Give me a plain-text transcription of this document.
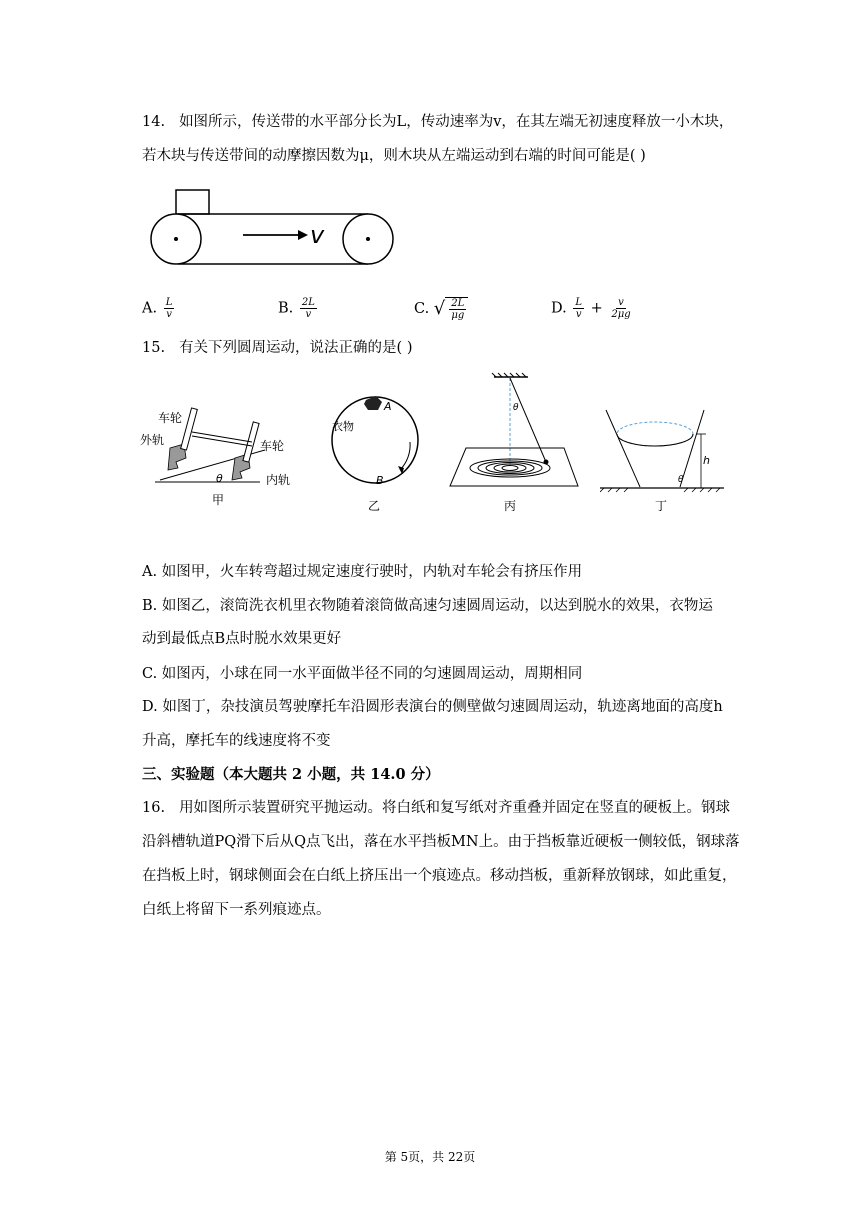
14. 如图所示，传送带的水平部分长为L，传动速率为v，在其左端无初速度释放一小木块，
若木块与传送带间的动摩擦因数为μ，则木块从左端运动到右端的时间可能是( )
v
A. $\frac{L}{v}$	B. $\frac{2L}{v}$	C. √ $\frac{2L}{\mu g}$	D. $\frac{L}{v} + \frac{v}{2\mu g}$
15. 有关下列圆周运动，说法正确的是( )
车轮
外轨	车轮
内轨
θ
甲
A
衣物
B
乙
θ
丙
h
θ
丁
A. 如图甲，火车转弯超过规定速度行驶时，内轨对车轮会有挤压作用
B. 如图乙，滚筒洗衣机里衣物随着滚筒做高速匀速圆周运动，以达到脱水的效果，衣物运
动到最低点B点时脱水效果更好
C. 如图丙，小球在同一水平面做半径不同的匀速圆周运动，周期相同
D. 如图丁，杂技演员驾驶摩托车沿圆形表演台的侧壁做匀速圆周运动，轨迹离地面的高度h
升高，摩托车的线速度将不变
三、实验题（本大题共 2 小题，共 14.0 分）
16. 用如图所示装置研究平抛运动。将白纸和复写纸对齐重叠并固定在竖直的硬板上。钢球
沿斜槽轨道PQ滑下后从Q点飞出，落在水平挡板MN上。由于挡板靠近硬板一侧较低，钢球落
在挡板上时，钢球侧面会在白纸上挤压出一个痕迹点。移动挡板，重新释放钢球，如此重复，
白纸上将留下一系列痕迹点。
第 5页，共 22页
